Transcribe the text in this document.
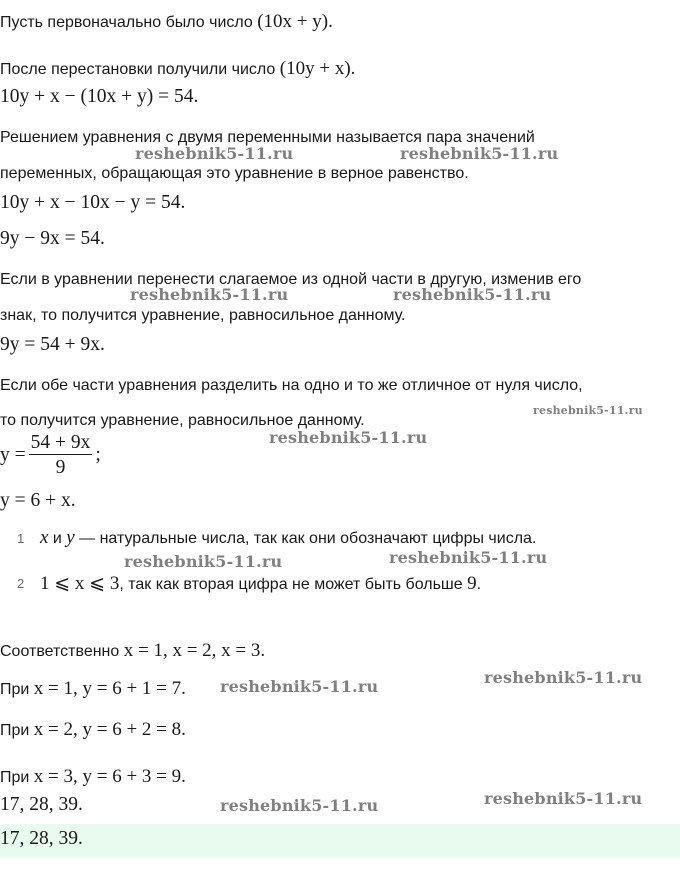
Пусть первоначально было число (10x + y).
После перестановки получили число (10y + x).
10y + x − (10x + y) = 54.
Решением уравнения с двумя переменными называется пара значений
переменных, обращающая это уравнение в верное равенство.
10y + x − 10x − y = 54.
9y − 9x = 54.
Если в уравнении перенести слагаемое из одной части в другую, изменив его
знак, то получится уравнение, равносильное данному.
9y = 54 + 9x.
Если обе части уравнения разделить на одно и то же отличное от нуля число,
то получится уравнение, равносильное данному.
$y = \frac{54 + 9x}{9}$ ;
y = 6 + x.
1 x и y — натуральные числа, так как они обозначают цифры числа.
2 1 ⩽ x ⩽ 3, так как вторая цифра не может быть больше 9.
Соответственно x = 1, x = 2, x = 3.
При x = 1, y = 6 + 1 = 7.
При x = 2, y = 6 + 2 = 8.
При x = 3, y = 6 + 3 = 9.
17, 28, 39.
17, 28, 39.
reshebnik5-11.ru	reshebnik5-11.ru
reshebnik5-11.ru	reshebnik5-11.ru
reshebnik5-11.ru
reshebnik5-11.ru
reshebnik5-11.ru	reshebnik5-11.ru
reshebnik5-11.ru	reshebnik5-11.ru
reshebnik5-11.ru	reshebnik5-11.ru
